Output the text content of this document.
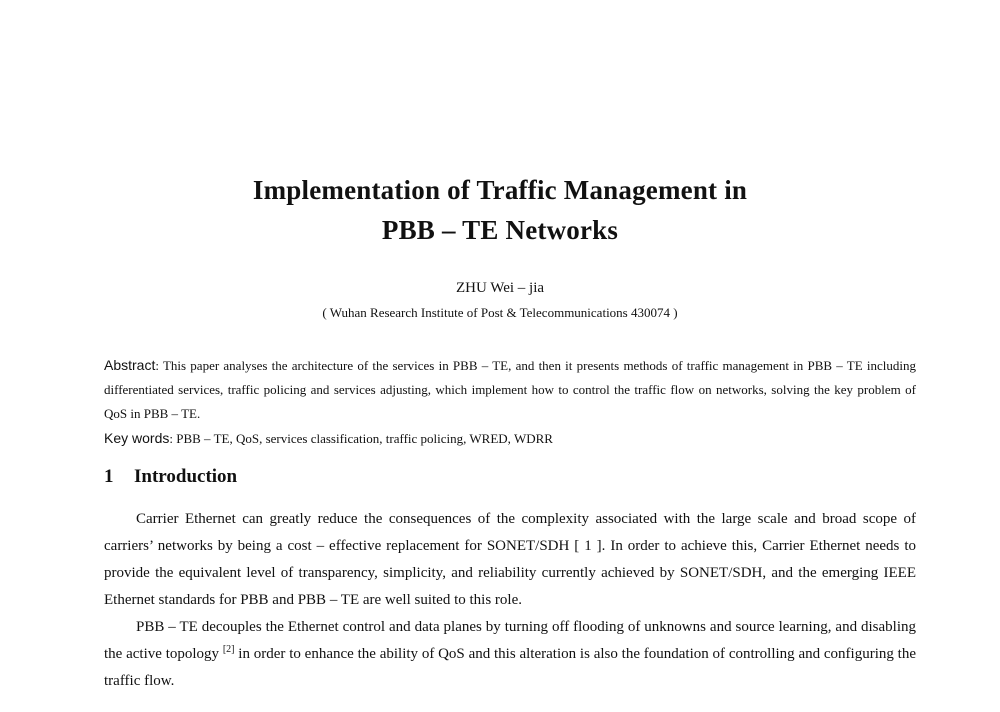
Implementation of Traffic Management in
PBB – TE Networks
ZHU Wei – jia
( Wuhan Research Institute of Post & Telecommunications 430074 )

Abstract: This paper analyses the architecture of the services in PBB – TE, and then it presents methods of traffic management in PBB – TE including differentiated services, traffic policing and services adjusting, which implement how to control the traffic flow on networks, solving the key problem of QoS in PBB – TE.

Key words: PBB – TE, QoS, services classification, traffic policing, WRED, WDRR
1 Introduction

Carrier Ethernet can greatly reduce the consequences of the complexity associated with the large scale and broad scope of carriers’ networks by being a cost – effective replacement for SONET/SDH [ 1 ]. In order to achieve this, Carrier Ethernet needs to provide the equivalent level of transparency, simplicity, and reliability currently achieved by SONET/SDH, and the emerging IEEE Ethernet standards for PBB and PBB – TE are well suited to this role.

PBB – TE decouples the Ethernet control and data planes by turning off flooding of unknowns and source learning, and disabling the active topology [2] in order to enhance the ability of QoS and this alteration is also the foundation of controlling and configuring the traffic flow.
